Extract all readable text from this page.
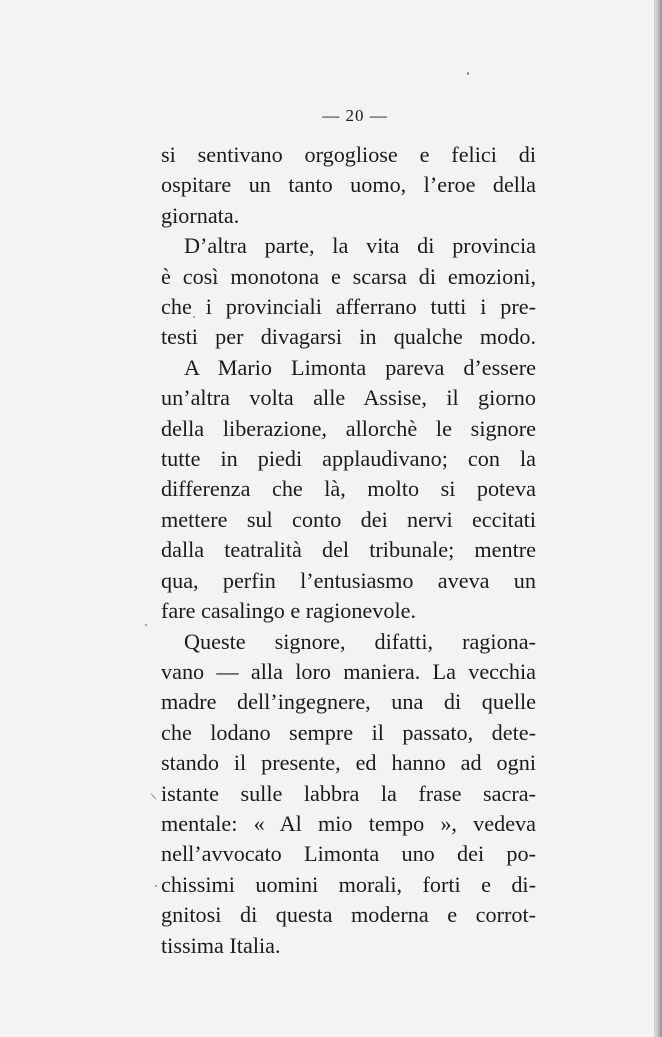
— 20 —
si sentivano orgogliose e felici di
ospitare un tanto uomo, l’eroe della
giornata.
D’altra parte, la vita di provincia
è così monotona e scarsa di emozioni,
che i provinciali afferrano tutti i pre-
testi per divagarsi in qualche modo.
A Mario Limonta pareva d’essere
un’altra volta alle Assise, il giorno
della liberazione, allorchè le signore
tutte in piedi applaudivano; con la
differenza che là, molto si poteva
mettere sul conto dei nervi eccitati
dalla teatralità del tribunale; mentre
qua, perfin l’entusiasmo aveva un
fare casalingo e ragionevole.
Queste signore, difatti, ragiona-
vano — alla loro maniera. La vecchia
madre dell’ingegnere, una di quelle
che lodano sempre il passato, dete-
stando il presente, ed hanno ad ogni
istante sulle labbra la frase sacra-
mentale: « Al mio tempo », vedeva
nell’avvocato Limonta uno dei po-
chissimi uomini morali, forti e di-
gnitosi di questa moderna e corrot-
tissima Italia.
